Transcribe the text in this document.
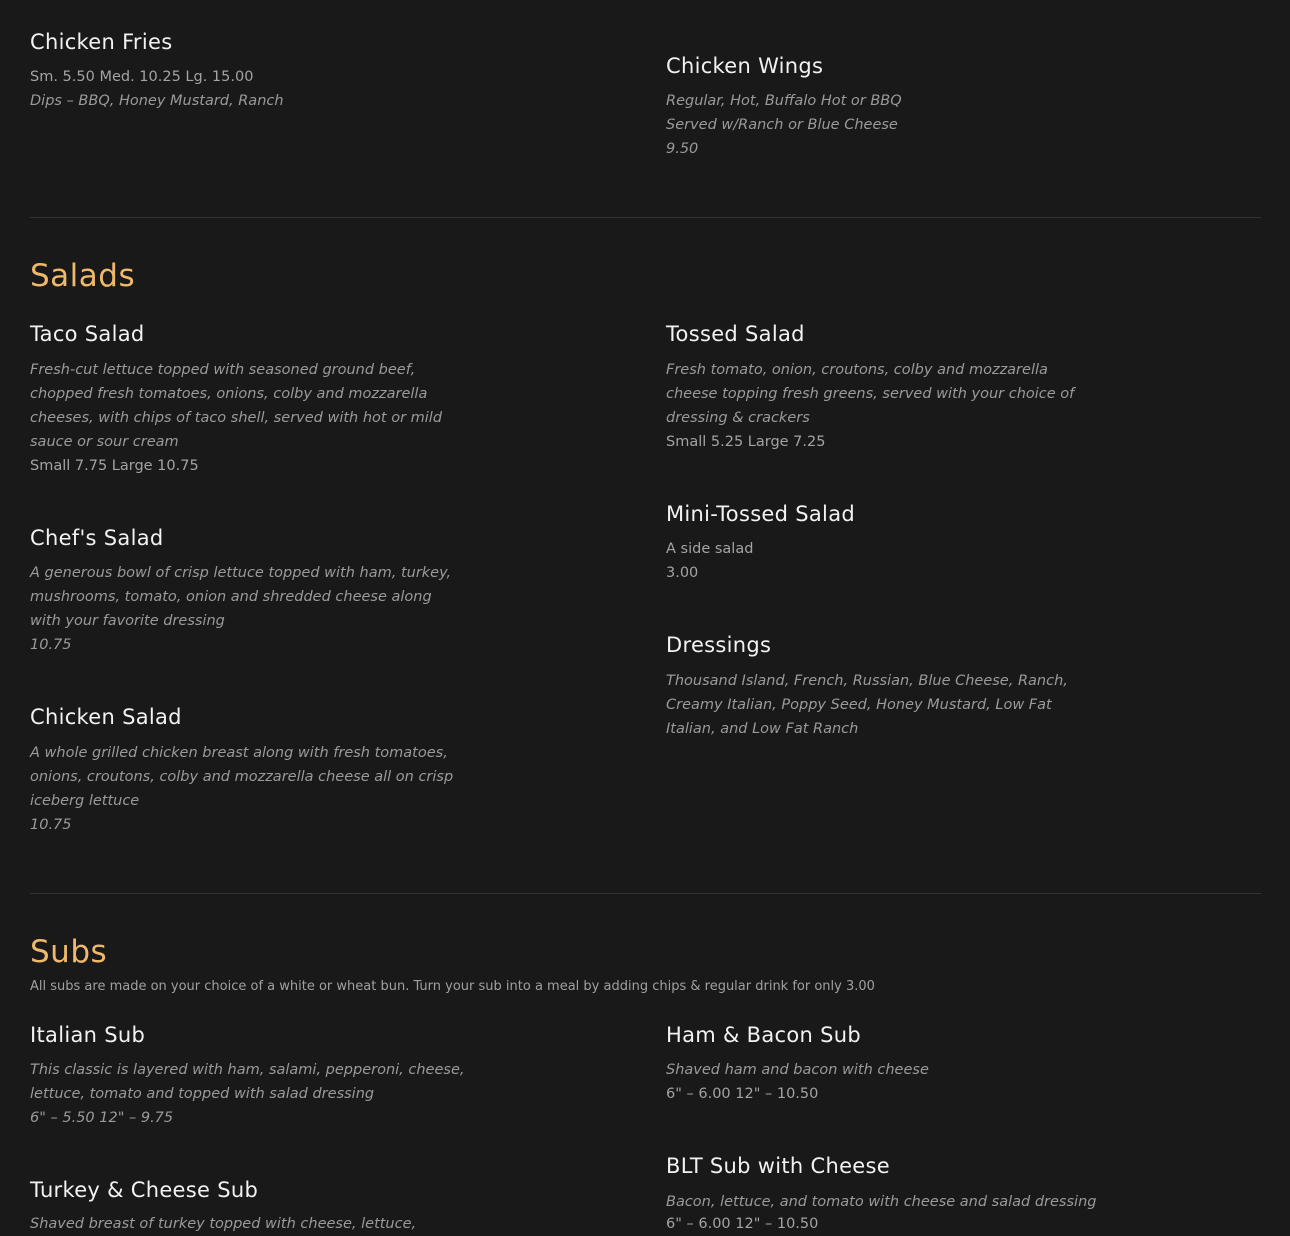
Chicken Fries
Sm. 5.50 Med. 10.25 Lg. 15.00
Dips – BBQ, Honey Mustard, Ranch
Chicken Wings
Regular, Hot, Buffalo Hot or BBQ
Served w/Ranch or Blue Cheese
9.50
Salads
Taco Salad
Fresh-cut lettuce topped with seasoned ground beef,
chopped fresh tomatoes, onions, colby and mozzarella
cheeses, with chips of taco shell, served with hot or mild
sauce or sour cream
Small 7.75 Large 10.75
Tossed Salad
Fresh tomato, onion, croutons, colby and mozzarella
cheese topping fresh greens, served with your choice of
dressing & crackers
Small 5.25 Large 7.25
Chef's Salad
A generous bowl of crisp lettuce topped with ham, turkey,
mushrooms, tomato, onion and shredded cheese along
with your favorite dressing
10.75
Mini-Tossed Salad
A side salad
3.00
Dressings
Thousand Island, French, Russian, Blue Cheese, Ranch,
Creamy Italian, Poppy Seed, Honey Mustard, Low Fat
Italian, and Low Fat Ranch
Chicken Salad
A whole grilled chicken breast along with fresh tomatoes,
onions, croutons, colby and mozzarella cheese all on crisp
iceberg lettuce
10.75
Subs
All subs are made on your choice of a white or wheat bun. Turn your sub into a meal by adding chips & regular drink for only 3.00
Italian Sub
This classic is layered with ham, salami, pepperoni, cheese,
lettuce, tomato and topped with salad dressing
6" – 5.50 12" – 9.75
Ham & Bacon Sub
Shaved ham and bacon with cheese
6" – 6.00 12" – 10.50
BLT Sub with Cheese
Bacon, lettuce, and tomato with cheese and salad dressing
6" – 6.00 12" – 10.50
Turkey & Cheese Sub
Shaved breast of turkey topped with cheese, lettuce,
